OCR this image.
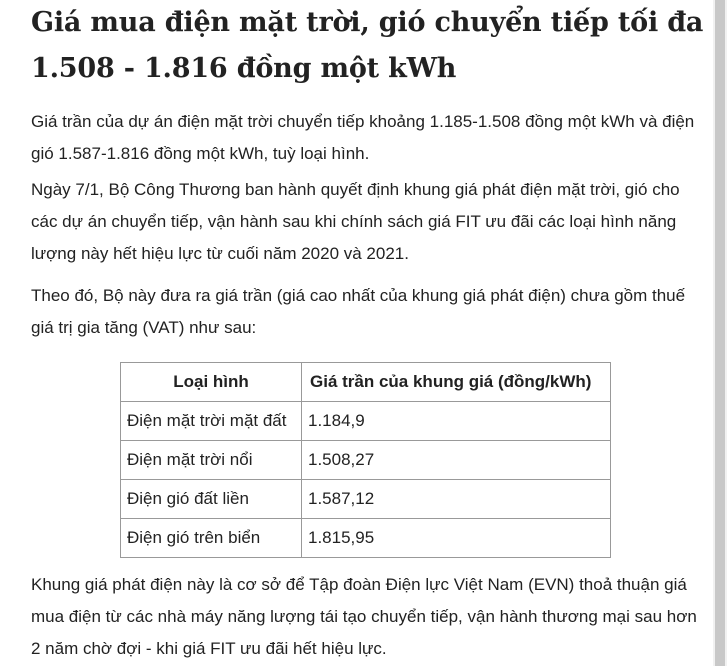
Giá mua điện mặt trời, gió chuyển tiếp tối đa 1.508 - 1.816 đồng một kWh

Giá trần của dự án điện mặt trời chuyển tiếp khoảng 1.185-1.508 đồng một kWh và điện gió 1.587-1.816 đồng một kWh, tuỳ loại hình.

Ngày 7/1, Bộ Công Thương ban hành quyết định khung giá phát điện mặt trời, gió cho các dự án chuyển tiếp, vận hành sau khi chính sách giá FIT ưu đãi các loại hình năng lượng này hết hiệu lực từ cuối năm 2020 và 2021.

Theo đó, Bộ này đưa ra giá trần (giá cao nhất của khung giá phát điện) chưa gồm thuế giá trị gia tăng (VAT) như sau:

Loại hình	Giá trần của khung giá (đồng/kWh)
Điện mặt trời mặt đất	1.184,9
Điện mặt trời nổi	1.508,27
Điện gió đất liền	1.587,12
Điện gió trên biển	1.815,95

Khung giá phát điện này là cơ sở để Tập đoàn Điện lực Việt Nam (EVN) thoả thuận giá mua điện từ các nhà máy năng lượng tái tạo chuyển tiếp, vận hành thương mại sau hơn 2 năm chờ đợi - khi giá FIT ưu đãi hết hiệu lực.
